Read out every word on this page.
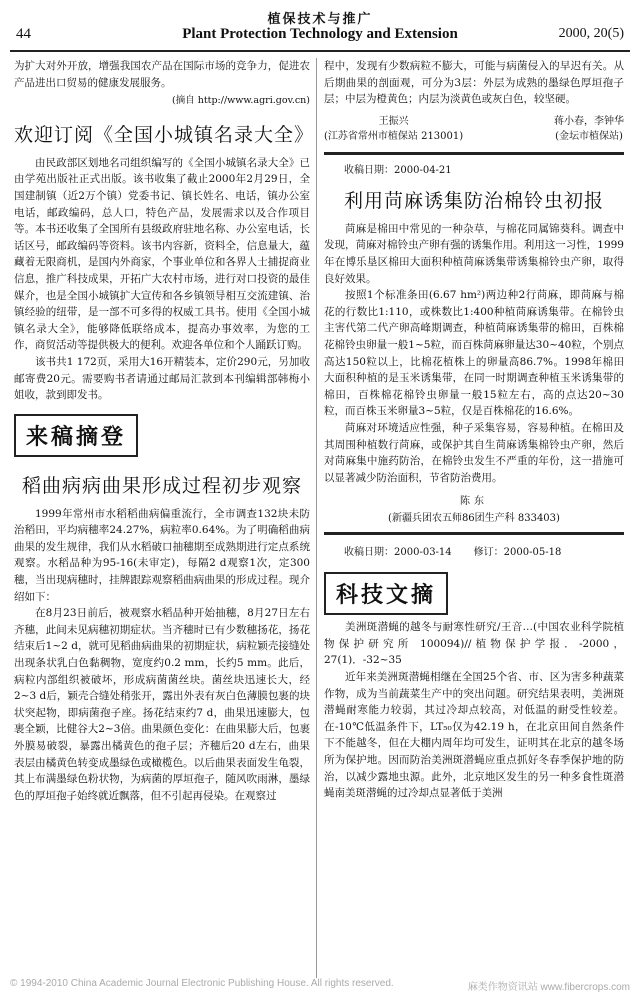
植保技术与推广
44	Plant Protection Technology and Extension	2000, 20(5)

为扩大对外开放，增强我国农产品在国际市场的竞争力，促进农产品进出口贸易的健康发展服务。

(摘自 http://www.agri.gov.cn)

欢迎订阅《全国小城镇名录大全》

由民政部区划地名司组织编写的《全国小城镇名录大全》已由学苑出版社正式出版。该书收集了截止2000年2月29日，全国建制镇（近2万个镇）党委书记、镇长姓名、电话，镇办公室电话，邮政编码，总人口，特色产品，发展需求以及合作项目等。本书还收集了全国所有县级政府驻地名称、办公室电话，长话区号，邮政编码等资料。该书内容新，资料全，信息量大，蕴藏着无限商机，是国内外商家，个事业单位和各界人士捕捉商业信息，推广科技成果，开拓广大农村市场，进行对口投资的最佳媒介，也是全国小城镇扩大宣传和各乡镇领导相互交流建镇、治镇经验的纽带，是一部不可多得的权威工具书。使用《全国小城镇名录大全》，能够降低联络成本，提高办事效率，为您的工作，商贸活动等提供极大的便利。欢迎各单位和个人踊跃订购。

该书共1 172页，采用大16开精装本，定价290元，另加收邮寄费20元。需要购书者请通过邮局汇款到本刊编辑部韩梅小姐收，款到即发书。

来稿摘登
稻曲病病曲果形成过程初步观察

1999年常州市水稻稻曲病偏重流行，全市调查132块未防治稻田，平均病穗率24.27%，病粒率0.64%。为了明确稻曲病曲果的发生规律，我们从水稻破口抽穗期至成熟期进行定点系统观察。水稻品种为95-16(未审定)，每隔2 d观察1次，定300穗，当出现病穗时，挂牌跟踪观察稻曲病曲果的形成过程。现介绍如下：

在8月23日前后，被观察水稻品种开始抽穗，8月27日左右齐穗，此间未见病穗初期症状。当齐穗时已有少数穗扬花，扬花结束后1~2 d，就可见稻曲病曲果的初期症状，病粒颖壳接缝处出现条状乳白色黏稠物，宽度约0.2 mm，长约5 mm。此后，病粒内部组织被破坏，形成病菌菌丝块。菌丝块迅速长大，经2~3 d后，颖壳合缝处稍张开，露出外表有灰白色薄膜包裹的块状突起物，即病菌孢子座。扬花结束约7 d，曲果迅速膨大，包裹全颖，比健谷大2~3倍。曲果颜色变化：在曲果膨大后，包裹外膜易破裂，暴露出橘黄色的孢子层；齐穗后20 d左右，曲果表层由橘黄色转变成墨绿色或橄榄色。以后曲果表面发生龟裂，其上布满墨绿色粉状物，为病菌的厚垣孢子，随风吹雨淋，墨绿色的厚垣孢子始终就近飘落，但不引起再侵染。在观察过

程中，发现有少数病粒不膨大，可能与病菌侵入的早迟有关。从后期曲果的剖面观，可分为3层：外层为成熟的墨绿色厚垣孢子层；中层为橙黄色；内层为淡黄色或灰白色，较坚硬。

王振兴
(江苏省常州市植保站 213001)
蒋小春，李钟华
(金坛市植保站)
收稿日期：2000-04-21
利用苘麻诱集防治棉铃虫初报

苘麻是棉田中常见的一种杂草，与棉花同属锦葵科。调查中发现，苘麻对棉铃虫产卵有强的诱集作用。利用这一习性，1999年在博乐垦区棉田大面积种植苘麻诱集带诱集棉铃虫产卵，取得良好效果。

按照1个标准条田(6.67 hm²)两边种2行苘麻，即苘麻与棉花的行数比1:110，或株数比1:400种植苘麻诱集带。在棉铃虫主害代第二代产卵高峰期调查，种植苘麻诱集带的棉田，百株棉花棉铃虫卵量一般1~5粒，而百株苘麻卵量达30~40粒，个别点高达150粒以上，比棉花植株上的卵量高86.7%。1998年棉田大面积种植的是玉米诱集带，在同一时期调查种植玉米诱集带的棉田，百株棉花棉铃虫卵量一般15粒左右，高的点达20~30粒，而百株玉米卵量3~5粒，仅是百株棉花的16.6%。

苘麻对环境适应性强，种子采集容易，容易种植。在棉田及其周围种植数行苘麻，或保护其自生苘麻诱集棉铃虫产卵，然后对苘麻集中施药防治，在棉铃虫发生不严重的年份，这一措施可以显著减少防治面积，节省防治费用。

陈东
(新疆兵团农五师86团生产科 833403)
收稿日期：2000-03-14 修订：2000-05-18
科技文摘

美洲斑潜蝇的越冬与耐寒性研究/王音…(中国农业科学院植物保护研究所 100094)//植物保护学报．-2000，27(1)．-32~35

近年来美洲斑潜蝇相继在全国25个省、市、区为害多种蔬菜作物，成为当前蔬菜生产中的突出问题。研究结果表明，美洲斑潜蝇耐寒能力较弱，其过冷却点较高，对低温的耐受性较差。在-10℃低温条件下，LT₅₀仅为42.19 h，在北京田间自然条件下不能越冬，但在大棚内周年均可发生，证明其在北京的越冬场所为保护地。因而防治美洲斑潜蝇应重点抓好冬春季保护地的防治，以减少露地虫源。此外，北京地区发生的另一种多食性斑潜蝇南美斑潜蝇的过冷却点显著低于美洲

© 1994-2010 China Academic Journal Electronic Publishing House. All rights reserved.	麻类作物资讯站 www.fibercrops.com
